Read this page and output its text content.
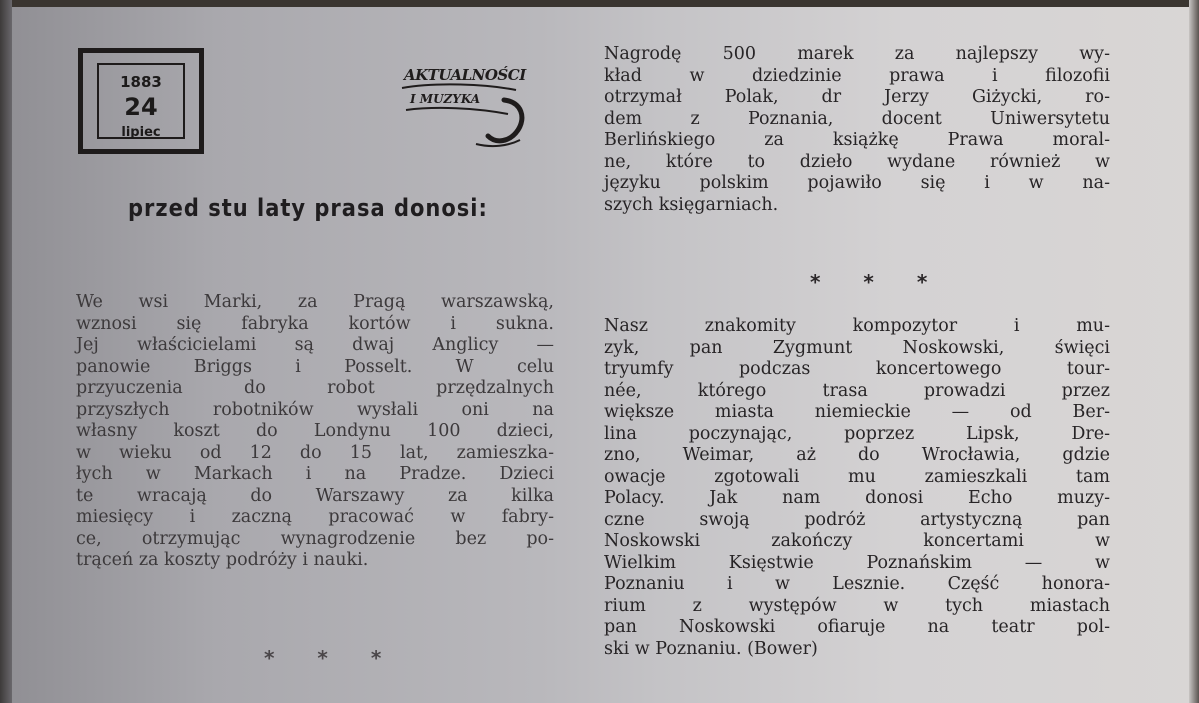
1883
24
lipiec
AKTUALNOŚCI
I MUZYKA
przed stu laty prasa donosi:
We wsi Marki, za Pragą warszawską,
wznosi się fabryka kortów i sukna.
Jej właścicielami są dwaj Anglicy —
panowie Briggs i Posselt. W celu
przyuczenia do robot przędzalnych
przyszłych robotników wysłali oni na
własny koszt do Londynu 100 dzieci,
w wieku od 12 do 15 lat, zamieszka-
łych w Markach i na Pradze. Dzieci
te wracają do Warszawy za kilka
miesięcy i zaczną pracować w fabry-
ce, otrzymując wynagrodzenie bez po-
trąceń za koszty podróży i nauki.
* * *
Nagrodę 500 marek za najlepszy wy-
kład w dziedzinie prawa i filozofii
otrzymał Polak, dr Jerzy Giżycki, ro-
dem z Poznania, docent Uniwersytetu
Berlińskiego za książkę Prawa moral-
ne, które to dzieło wydane również w
języku polskim pojawiło się i w na-
szych księgarniach.
* * *
Nasz znakomity kompozytor i mu-
zyk, pan Zygmunt Noskowski, święci
tryumfy podczas koncertowego tour-
née, którego trasa prowadzi przez
większe miasta niemieckie — od Ber-
lina poczynając, poprzez Lipsk, Dre-
zno, Weimar, aż do Wrocławia, gdzie
owacje zgotowali mu zamieszkali tam
Polacy. Jak nam donosi Echo muzy-
czne swoją podróż artystyczną pan
Noskowski zakończy koncertami w
Wielkim Księstwie Poznańskim — w
Poznaniu i w Lesznie. Część honora-
rium z występów w tych miastach
pan Noskowski ofiaruje na teatr pol-
ski w Poznaniu. (Bower)
